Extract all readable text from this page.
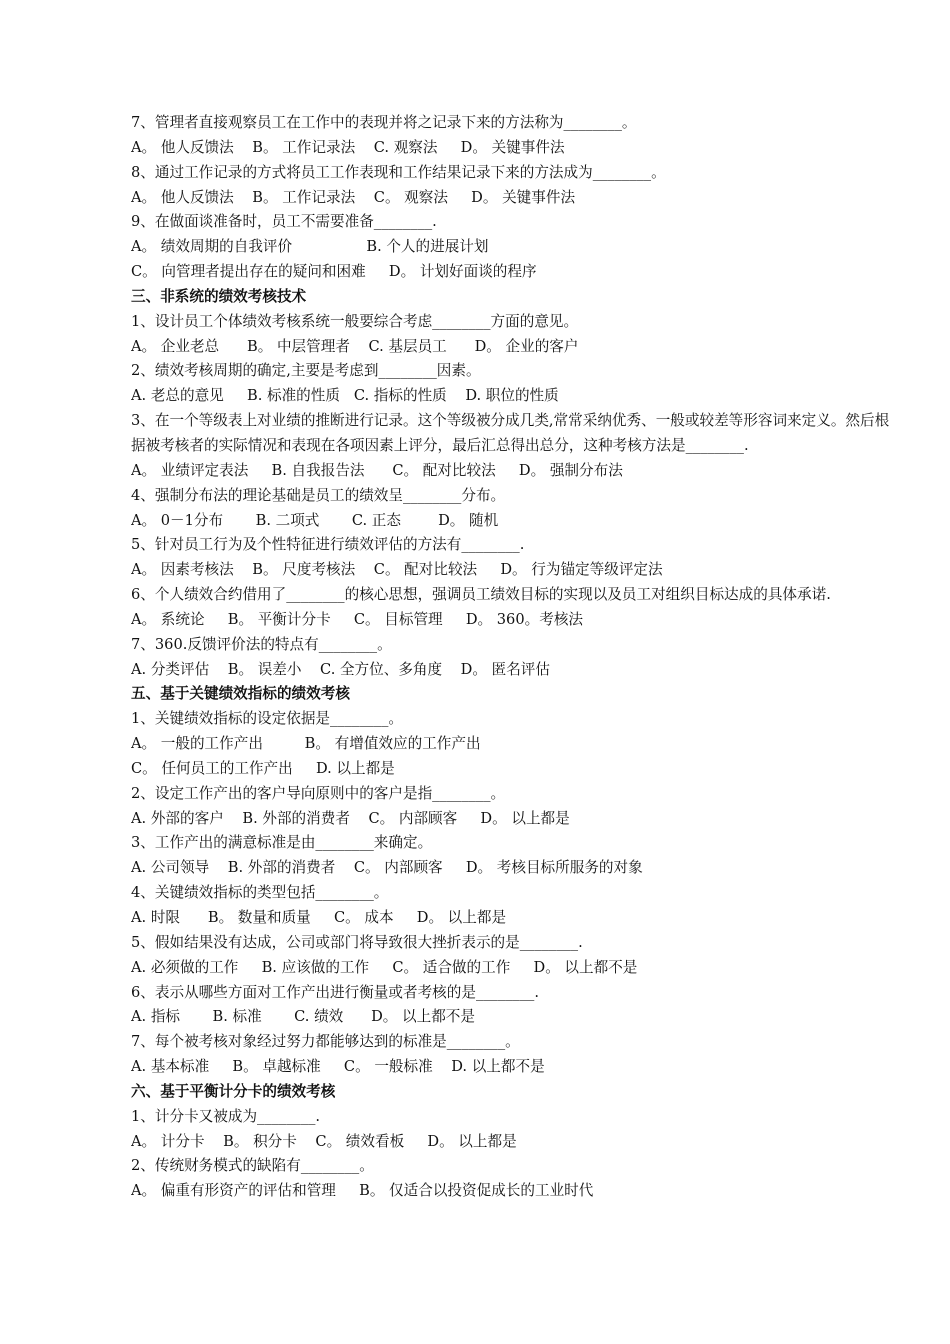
7、管理者直接观察员工在工作中的表现并将之记录下来的方法称为________。
A。 他人反馈法    B。 工作记录法    C. 观察法     D。 关键事件法
8、通过工作记录的方式将员工工作表现和工作结果记录下来的方法成为________。
A。 他人反馈法    B。 工作记录法    C。 观察法     D。 关键事件法
9、在做面谈准备时，员工不需要准备________.
A。 绩效周期的自我评价                B. 个人的进展计划
C。 向管理者提出存在的疑问和困难     D。 计划好面谈的程序
三、非系统的绩效考核技术
1、设计员工个体绩效考核系统一般要综合考虑________方面的意见。
A。 企业老总      B。 中层管理者    C. 基层员工      D。 企业的客户
2、绩效考核周期的确定,主要是考虑到________因素。
A. 老总的意见     B. 标准的性质   C. 指标的性质    D. 职位的性质
3、在一个等级表上对业绩的推断进行记录。这个等级被分成几类,常常采纳优秀、一般或较差等形容词来定义。然后根据被考核者的实际情况和表现在各项因素上评分，最后汇总得出总分，这种考核方法是________.
A。 业绩评定表法     B. 自我报告法      C。 配对比较法     D。 强制分布法
4、强制分布法的理论基础是员工的绩效呈________分布。
A。 0－1分布       B. 二项式       C. 正态        D。 随机
5、针对员工行为及个性特征进行绩效评估的方法有________.
A。 因素考核法    B。 尺度考核法    C。 配对比较法     D。 行为锚定等级评定法
6、个人绩效合约借用了________的核心思想，强调员工绩效目标的实现以及员工对组织目标达成的具体承诺.
A。 系统论     B。 平衡计分卡     C。 目标管理     D。 360。考核法
7、360.反馈评价法的特点有________。
A. 分类评估    B。 误差小    C. 全方位、多角度    D。 匿名评估
五、基于关键绩效指标的绩效考核
1、关键绩效指标的设定依据是________。
A。 一般的工作产出         B。 有增值效应的工作产出
C。 任何员工的工作产出     D. 以上都是
2、设定工作产出的客户导向原则中的客户是指________。
A. 外部的客户    B. 外部的消费者    C。 内部顾客     D。 以上都是
3、工作产出的满意标准是由________来确定。
A. 公司领导    B. 外部的消费者    C。 内部顾客     D。 考核目标所服务的对象
4、关键绩效指标的类型包括________。
A. 时限      B。 数量和质量     C。 成本     D。 以上都是
5、假如结果没有达成，公司或部门将导致很大挫折表示的是________.
A. 必须做的工作     B. 应该做的工作     C。 适合做的工作     D。 以上都不是
6、表示从哪些方面对工作产出进行衡量或者考核的是________.
A. 指标       B. 标准       C. 绩效      D。 以上都不是
7、每个被考核对象经过努力都能够达到的标准是________。
A. 基本标准     B。 卓越标准     C。 一般标准    D. 以上都不是
六、基于平衡计分卡的绩效考核
1、计分卡又被成为________.
A。 计分卡    B。 积分卡    C。 绩效看板     D。 以上都是
2、传统财务模式的缺陷有________。
A。 偏重有形资产的评估和管理     B。 仅适合以投资促成长的工业时代
